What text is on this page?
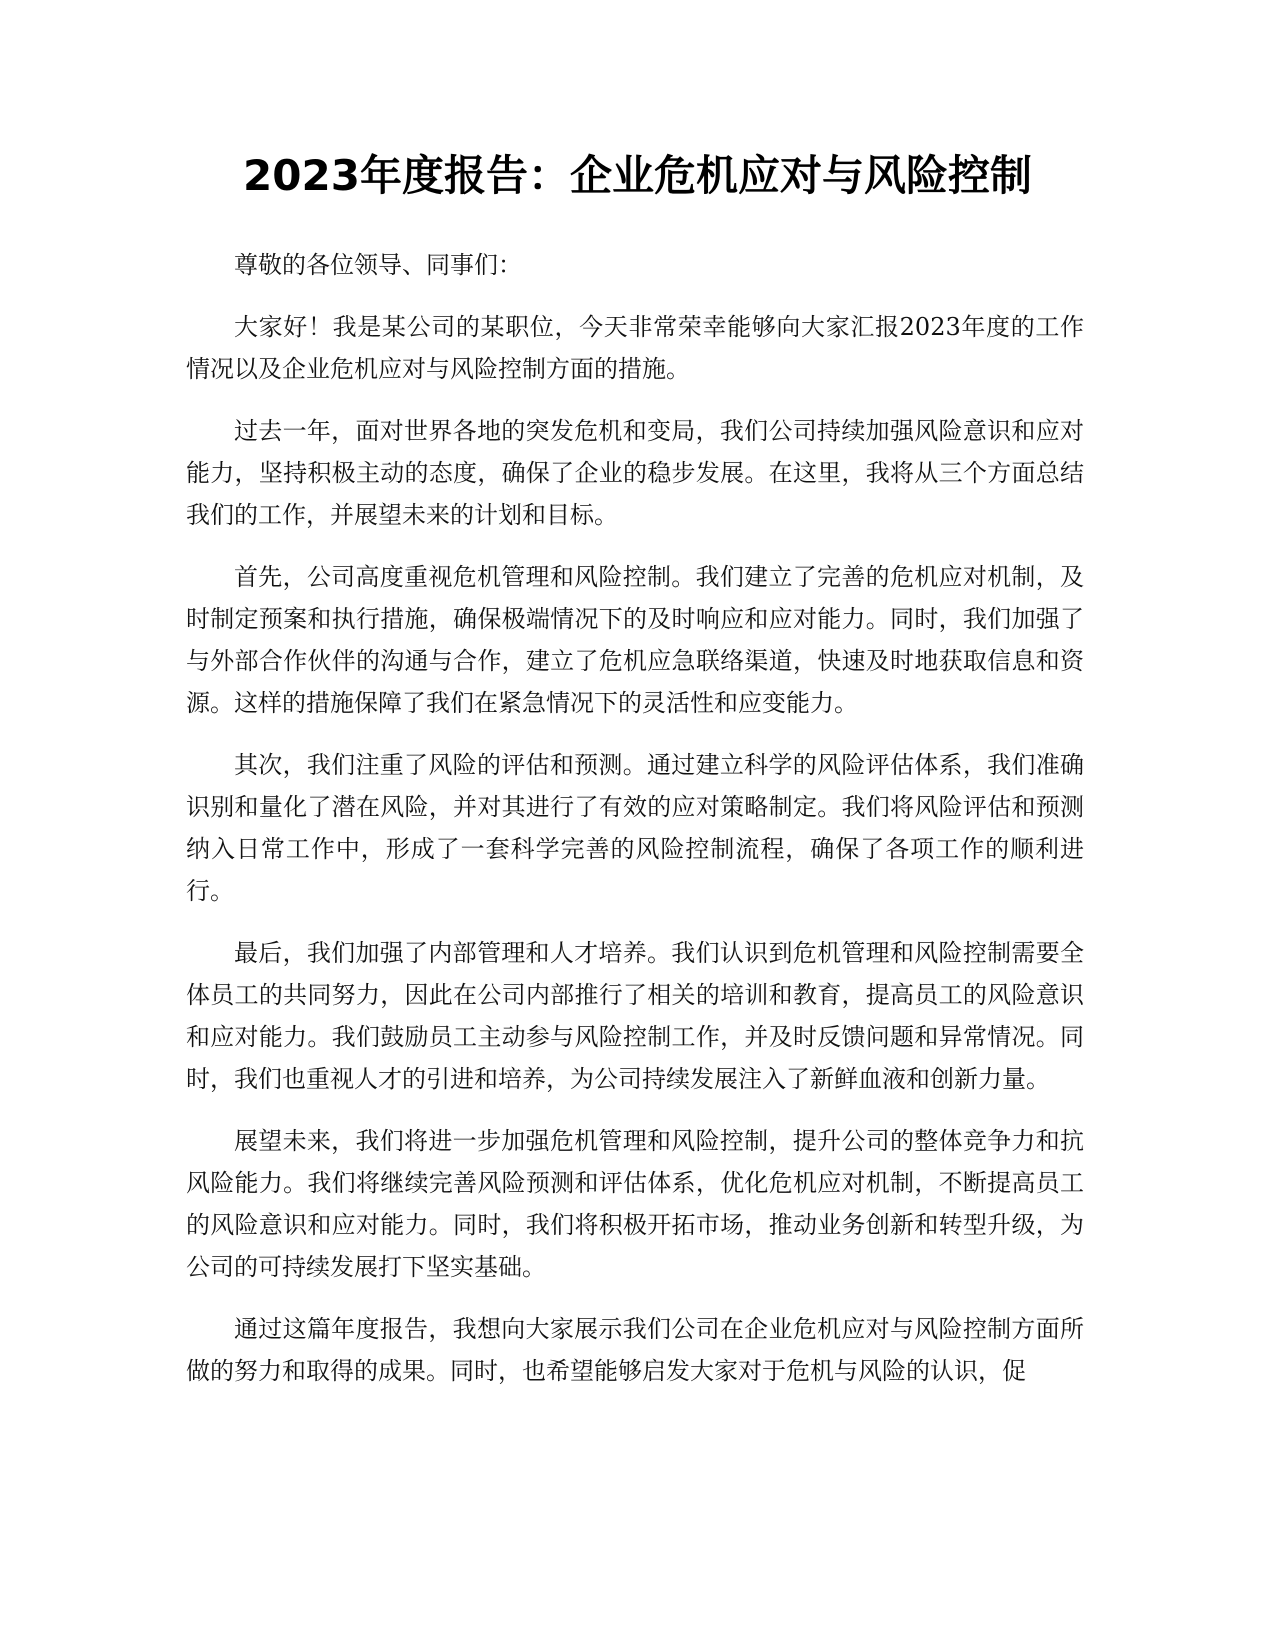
2023年度报告：企业危机应对与风险控制

尊敬的各位领导、同事们：

大家好！我是某公司的某职位，今天非常荣幸能够向大家汇报2023年度的工作情况以及企业危机应对与风险控制方面的措施。

过去一年，面对世界各地的突发危机和变局，我们公司持续加强风险意识和应对能力，坚持积极主动的态度，确保了企业的稳步发展。在这里，我将从三个方面总结我们的工作，并展望未来的计划和目标。

首先，公司高度重视危机管理和风险控制。我们建立了完善的危机应对机制，及时制定预案和执行措施，确保极端情况下的及时响应和应对能力。同时，我们加强了与外部合作伙伴的沟通与合作，建立了危机应急联络渠道，快速及时地获取信息和资源。这样的措施保障了我们在紧急情况下的灵活性和应变能力。

其次，我们注重了风险的评估和预测。通过建立科学的风险评估体系，我们准确识别和量化了潜在风险，并对其进行了有效的应对策略制定。我们将风险评估和预测纳入日常工作中，形成了一套科学完善的风险控制流程，确保了各项工作的顺利进行。

最后，我们加强了内部管理和人才培养。我们认识到危机管理和风险控制需要全体员工的共同努力，因此在公司内部推行了相关的培训和教育，提高员工的风险意识和应对能力。我们鼓励员工主动参与风险控制工作，并及时反馈问题和异常情况。同时，我们也重视人才的引进和培养，为公司持续发展注入了新鲜血液和创新力量。

展望未来，我们将进一步加强危机管理和风险控制，提升公司的整体竞争力和抗风险能力。我们将继续完善风险预测和评估体系，优化危机应对机制，不断提高员工的风险意识和应对能力。同时，我们将积极开拓市场，推动业务创新和转型升级，为公司的可持续发展打下坚实基础。

通过这篇年度报告，我想向大家展示我们公司在企业危机应对与风险控制方面所做的努力和取得的成果。同时，也希望能够启发大家对于危机与风险的认识，促
